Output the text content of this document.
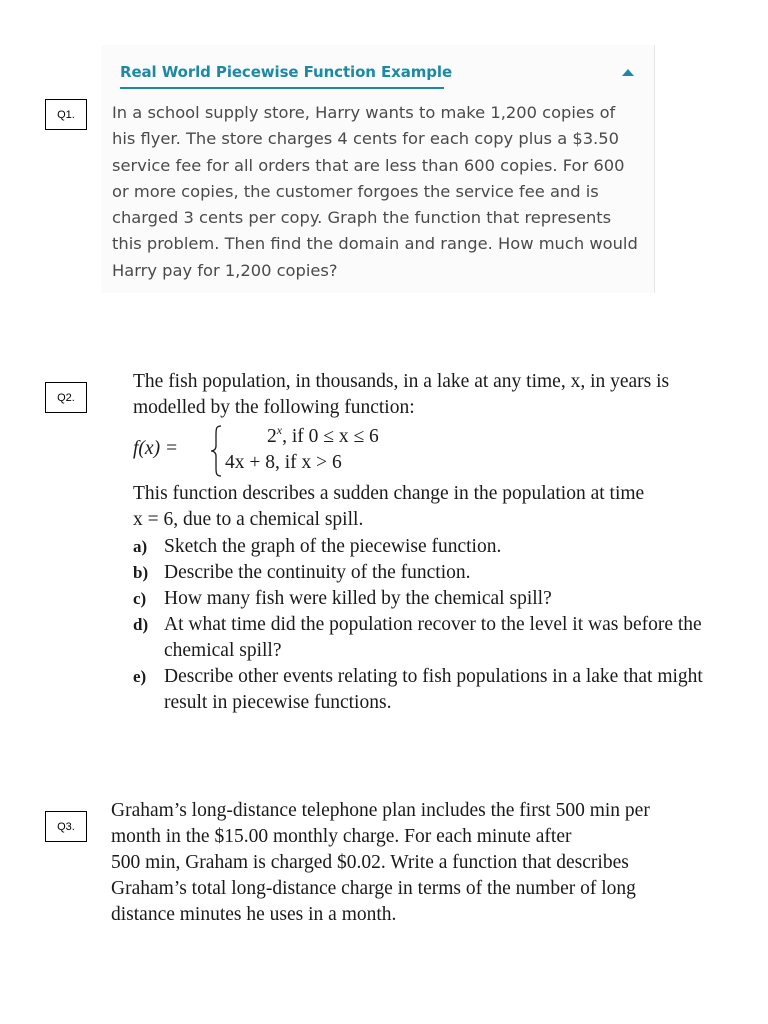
Q1.
Q2.
Q3.
Real World Piecewise Function Example

In a school supply store, Harry wants to make 1,200 copies of his flyer. The store charges 4 cents for each copy plus a $3.50 service fee for all orders that are less than 600 copies. For 600 or more copies, the customer forgoes the service fee and is charged 3 cents per copy. Graph the function that represents this problem. Then find the domain and range. How much would Harry pay for 1,200 copies?

The fish population, in thousands, in a lake at any time, x, in years is
modelled by the following function:
f(x) =
$2^x$, if 0 ≤ x ≤ 6
4x + 8, if x > 6
This function describes a sudden change in the population at time
x = 6, due to a chemical spill.
a) Sketch the graph of the piecewise function.
b) Describe the continuity of the function.
c) How many fish were killed by the chemical spill?
d) At what time did the population recover to the level it was before the chemical spill?
e) Describe other events relating to fish populations in a lake that might result in piecewise functions.
Graham’s long-distance telephone plan includes the first 500 min per
month in the $15.00 monthly charge. For each minute after
500 min, Graham is charged $0.02. Write a function that describes
Graham’s total long-distance charge in terms of the number of long
distance minutes he uses in a month.
